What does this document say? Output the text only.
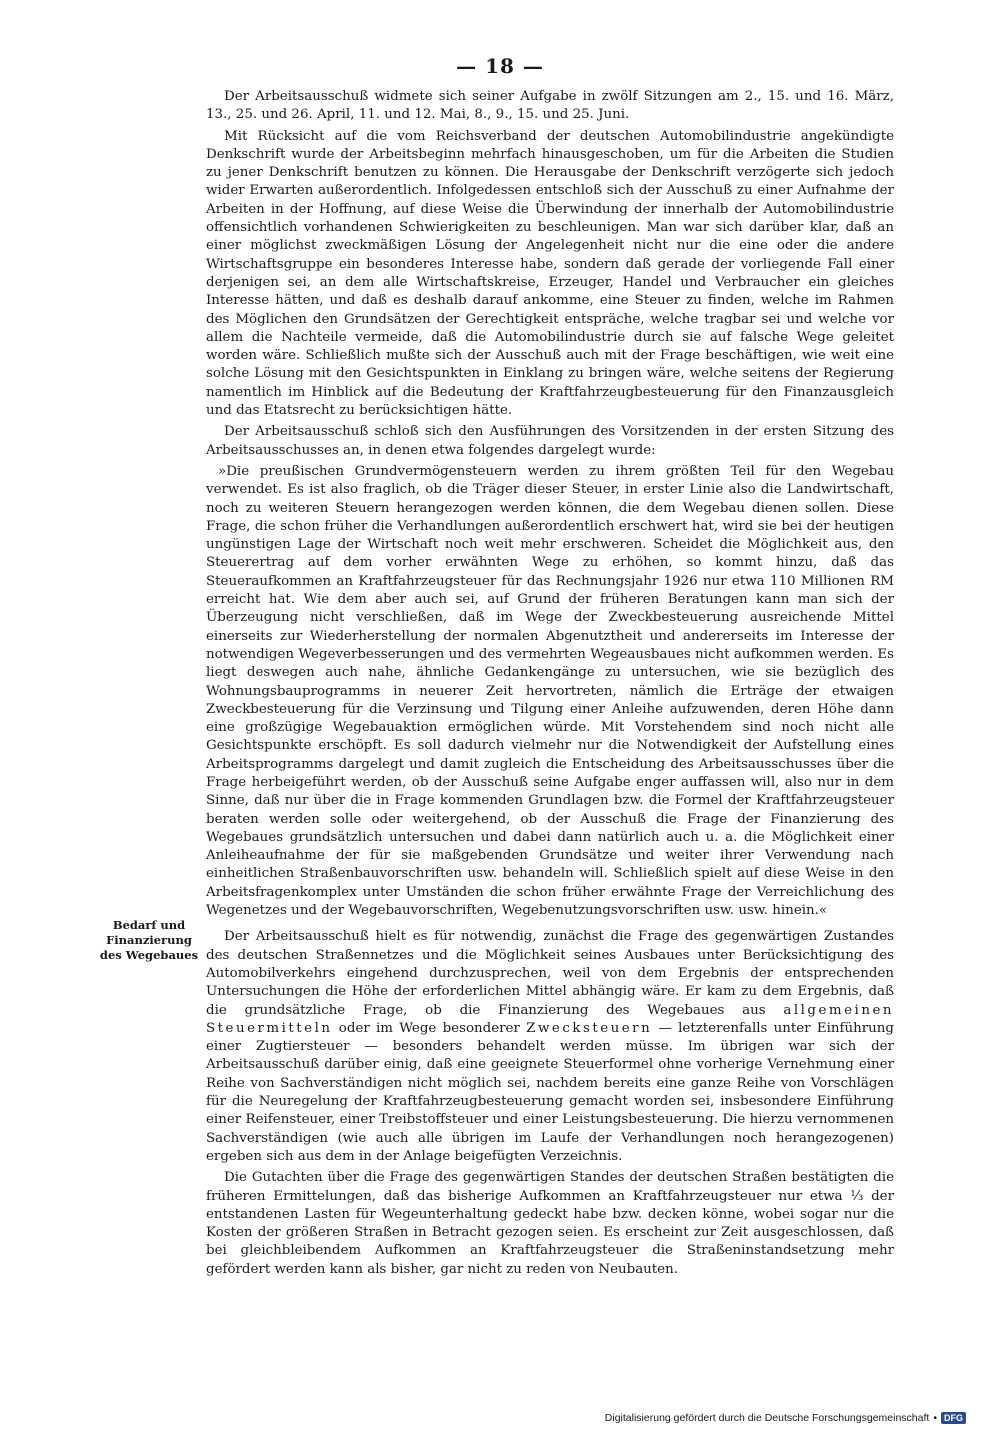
— 18 —

Der Arbeitsausschuß widmete sich seiner Aufgabe in zwölf Sitzungen am 2., 15. und 16. März, 13., 25. und 26. April, 11. und 12. Mai, 8., 9., 15. und 25. Juni.

Mit Rücksicht auf die vom Reichsverband der deutschen Automobilindustrie angekündigte Denkschrift wurde der Arbeitsbeginn mehrfach hinausgeschoben, um für die Arbeiten die Studien zu jener Denkschrift benutzen zu können. Die Herausgabe der Denkschrift verzögerte sich jedoch wider Erwarten außerordentlich. Infolgedessen entschloß sich der Ausschuß zu einer Aufnahme der Arbeiten in der Hoffnung, auf diese Weise die Überwindung der innerhalb der Automobilindustrie offensichtlich vorhandenen Schwierigkeiten zu beschleunigen. Man war sich darüber klar, daß an einer möglichst zweckmäßigen Lösung der Angelegenheit nicht nur die eine oder die andere Wirtschaftsgruppe ein besonderes Interesse habe, sondern daß gerade der vorliegende Fall einer derjenigen sei, an dem alle Wirtschaftskreise, Erzeuger, Handel und Verbraucher ein gleiches Interesse hätten, und daß es deshalb darauf ankomme, eine Steuer zu finden, welche im Rahmen des Möglichen den Grundsätzen der Gerechtigkeit entspräche, welche tragbar sei und welche vor allem die Nachteile vermeide, daß die Automobilindustrie durch sie auf falsche Wege geleitet worden wäre. Schließlich mußte sich der Ausschuß auch mit der Frage beschäftigen, wie weit eine solche Lösung mit den Gesichtspunkten in Einklang zu bringen wäre, welche seitens der Regierung namentlich im Hinblick auf die Bedeutung der Kraftfahrzeugbesteuerung für den Finanzausgleich und das Etatsrecht zu berücksichtigen hätte.

Der Arbeitsausschuß schloß sich den Ausführungen des Vorsitzenden in der ersten Sitzung des Arbeitsausschusses an, in denen etwa folgendes dargelegt wurde:

»Die preußischen Grundvermögensteuern werden zu ihrem größten Teil für den Wegebau verwendet. Es ist also fraglich, ob die Träger dieser Steuer, in erster Linie also die Landwirtschaft, noch zu weiteren Steuern herangezogen werden können, die dem Wegebau dienen sollen. Diese Frage, die schon früher die Verhandlungen außerordentlich erschwert hat, wird sie bei der heutigen ungünstigen Lage der Wirtschaft noch weit mehr erschweren. Scheidet die Möglichkeit aus, den Steuerertrag auf dem vorher erwähnten Wege zu erhöhen, so kommt hinzu, daß das Steueraufkommen an Kraftfahrzeugsteuer für das Rechnungsjahr 1926 nur etwa 110 Millionen RM erreicht hat. Wie dem aber auch sei, auf Grund der früheren Beratungen kann man sich der Überzeugung nicht verschließen, daß im Wege der Zweckbesteuerung ausreichende Mittel einerseits zur Wiederherstellung der normalen Abgenutztheit und andererseits im Interesse der notwendigen Wegeverbesserungen und des vermehrten Wegeausbaues nicht aufkommen werden. Es liegt deswegen auch nahe, ähnliche Gedankengänge zu untersuchen, wie sie bezüglich des Wohnungsbauprogramms in neuerer Zeit hervortreten, nämlich die Erträge der etwaigen Zweckbesteuerung für die Verzinsung und Tilgung einer Anleihe aufzuwenden, deren Höhe dann eine großzügige Wegebauaktion ermöglichen würde. Mit Vorstehendem sind noch nicht alle Gesichtspunkte erschöpft. Es soll dadurch vielmehr nur die Notwendigkeit der Aufstellung eines Arbeitsprogramms dargelegt und damit zugleich die Entscheidung des Arbeitsausschusses über die Frage herbeigeführt werden, ob der Ausschuß seine Aufgabe enger auffassen will, also nur in dem Sinne, daß nur über die in Frage kommenden Grundlagen bzw. die Formel der Kraftfahrzeugsteuer beraten werden solle oder weitergehend, ob der Ausschuß die Frage der Finanzierung des Wegebaues grundsätzlich untersuchen und dabei dann natürlich auch u. a. die Möglichkeit einer Anleiheaufnahme der für sie maßgebenden Grundsätze und weiter ihrer Verwendung nach einheitlichen Straßenbauvorschriften usw. behandeln will. Schließlich spielt auf diese Weise in den Arbeitsfragenkomplex unter Umständen die schon früher erwähnte Frage der Verreichlichung des Wegenetzes und der Wegebauvorschriften, Wegebenutzungsvorschriften usw. usw. hinein.«

Der Arbeitsausschuß hielt es für notwendig, zunächst die Frage des gegenwärtigen Zustandes des deutschen Straßennetzes und die Möglichkeit seines Ausbaues unter Berücksichtigung des Automobilverkehrs eingehend durchzusprechen, weil von dem Ergebnis der entsprechenden Untersuchungen die Höhe der erforderlichen Mittel abhängig wäre. Er kam zu dem Ergebnis, daß die grundsätzliche Frage, ob die Finanzierung des Wegebaues aus allgemeinen Steuermitteln oder im Wege besonderer Zwecksteuern — letzterenfalls unter Einführung einer Zugtiersteuer — besonders behandelt werden müsse. Im übrigen war sich der Arbeitsausschuß darüber einig, daß eine geeignete Steuerformel ohne vorherige Vernehmung einer Reihe von Sachverständigen nicht möglich sei, nachdem bereits eine ganze Reihe von Vorschlägen für die Neuregelung der Kraftfahrzeugbesteuerung gemacht worden sei, insbesondere Einführung einer Reifensteuer, einer Treibstoffsteuer und einer Leistungsbesteuerung. Die hierzu vernommenen Sachverständigen (wie auch alle übrigen im Laufe der Verhandlungen noch herangezogenen) ergeben sich aus dem in der Anlage beigefügten Verzeichnis.

Die Gutachten über die Frage des gegenwärtigen Standes der deutschen Straßen bestätigten die früheren Ermittelungen, daß das bisherige Aufkommen an Kraftfahrzeugsteuer nur etwa ⅓ der entstandenen Lasten für Wegeunterhaltung gedeckt habe bzw. decken könne, wobei sogar nur die Kosten der größeren Straßen in Betracht gezogen seien. Es erscheint zur Zeit ausgeschlossen, daß bei gleichbleibendem Aufkommen an Kraftfahrzeugsteuer die Straßeninstandsetzung mehr gefördert werden kann als bisher, gar nicht zu reden von Neubauten.

Bedarf und
Finanzierung
des Wegebaues
Digitalisierung gefördert durch die Deutsche Forschungsgemeinschaft • DFG
